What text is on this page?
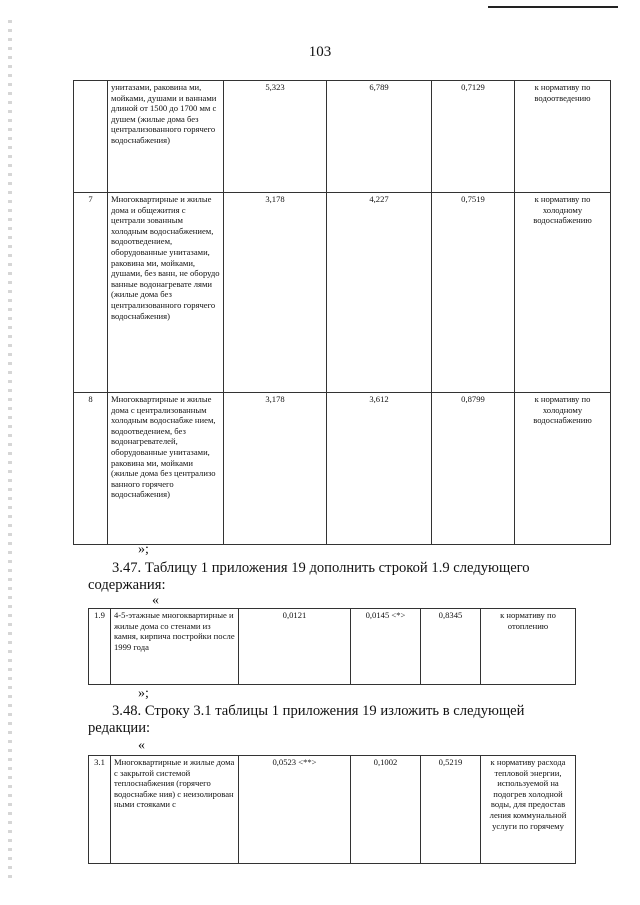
103
	унитазами, раковина ми, мойками, душами и ваннами длиной от 1500 до 1700 мм с душем (жилые дома без централизованного горячего водоснабжения)	5,323	6,789	0,7129	к нормативу по водоотведению
7	Многоквартирные и жилые дома и общежития с централи зованным холодным водоснабжением, водоотведением, оборудованные унитазами, раковина ми, мойками, душами, без ванн, не оборудо ванные водонагревате лями (жилые дома без централизованного горячего водоснабжения)	3,178	4,227	0,7519	к нормативу по холодному водоснабжению
8	Многоквартирные и жилые дома с централизованным холодным водоснабже нием, водоотведением, без водонагревателей, оборудованные унитазами, раковина ми, мойками (жилые дома без централизо ванного горячего водоснабжения)	3,178	3,612	0,8799	к нормативу по холодному водоснабжению
»;
3.47. Таблицу 1 приложения 19 дополнить строкой 1.9 следующего
содержания:
«
1.9	4-5-этажные многоквартирные и жилые дома со стенами из камня, кирпича постройки после 1999 года	0,0121	0,0145 <*>	0,8345	к нормативу по отоплению
»;
3.48. Строку 3.1 таблицы 1 приложения 19 изложить в следующей
редакции:
«
3.1	Многоквартирные и жилые дома с закрытой системой теплоснабжения (горячего водоснабже ния) с неизолирован ными стояками с	0,0523 <**>	0,1002	0,5219	к нормативу расхода тепловой энергии, используемой на подогрев холодной воды, для предостав ления коммунальной услуги по горячему
